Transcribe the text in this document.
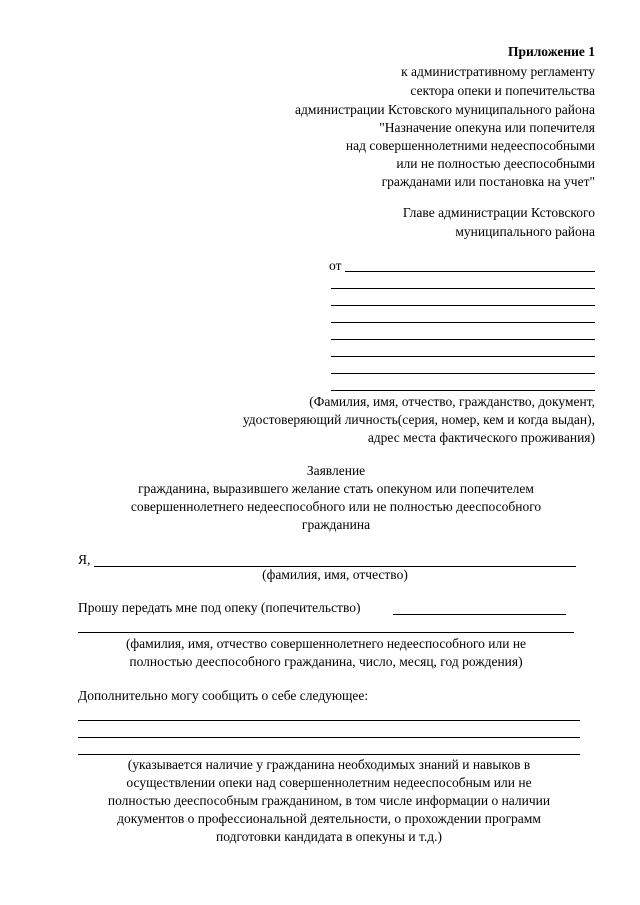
Приложение 1
к административному регламенту
сектора опеки и попечительства
администрации Кстовского муниципального района
"Назначение опекуна или попечителя
над совершеннолетними недееспособными
или не полностью дееспособными
гражданами или постановка на учет"
Главе администрации Кстовского
муниципального района
от
(Фамилия, имя, отчество, гражданство, документ,
удостоверяющий личность(серия, номер, кем и когда выдан),
адрес места фактического проживания)
Заявление
гражданина, выразившего желание стать опекуном или попечителем
совершеннолетнего недееспособного или не полностью дееспособного
гражданина
Я,
(фамилия, имя, отчество)
Прошу передать мне под опеку (попечительство)
(фамилия, имя, отчество совершеннолетнего недееспособного или не
полностью дееспособного гражданина, число, месяц, год рождения)
Дополнительно могу сообщить о себе следующее:
(указывается наличие у гражданина необходимых знаний и навыков в
осуществлении опеки над совершеннолетним недееспособным или не
полностью дееспособным гражданином, в том числе информации о наличии
документов о профессиональной деятельности, о прохождении программ
подготовки кандидата в опекуны и т.д.)
